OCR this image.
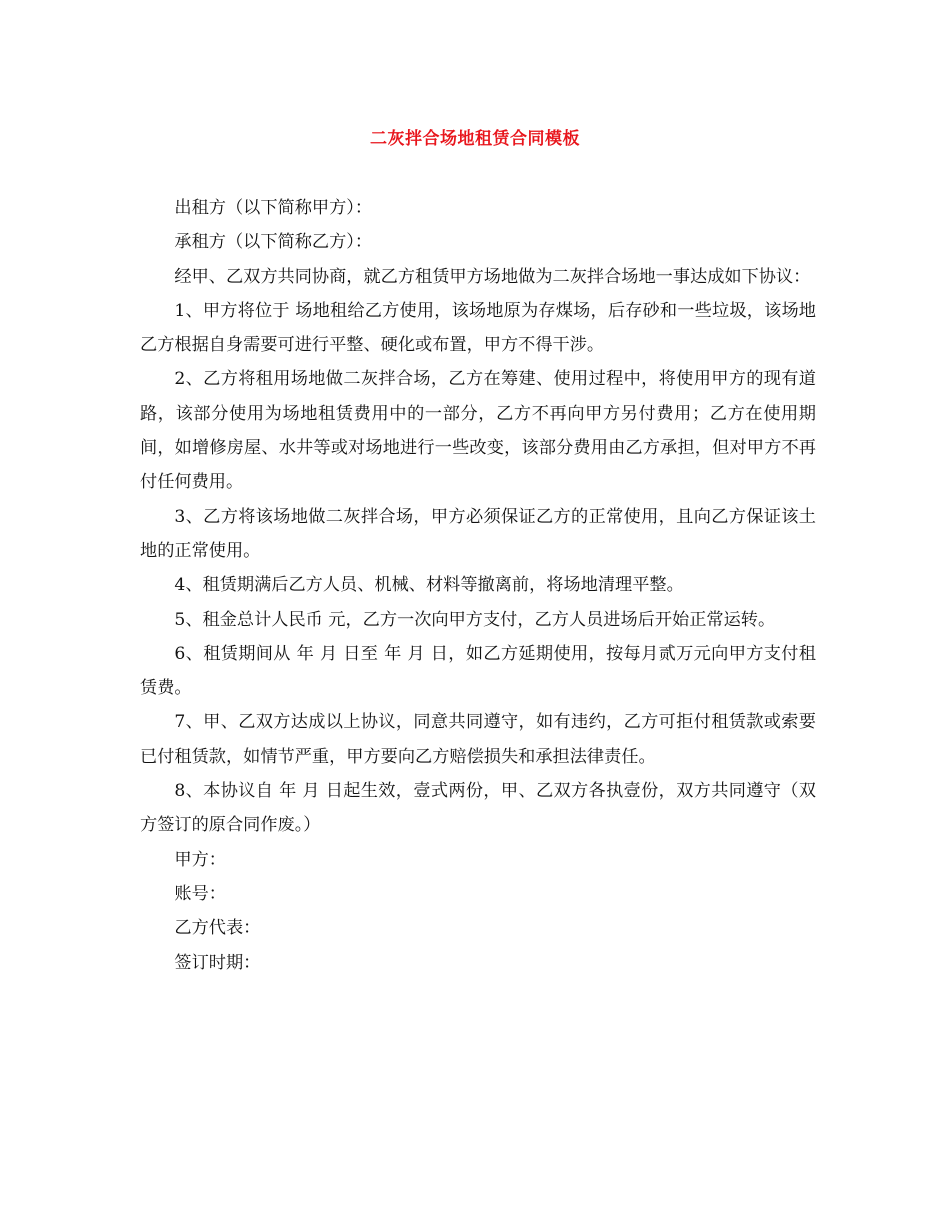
二灰拌合场地租赁合同模板

出租方（以下简称甲方）：

承租方（以下简称乙方）：

经甲、乙双方共同协商，就乙方租赁甲方场地做为二灰拌合场地一事达成如下协议：

1、甲方将位于 场地租给乙方使用，该场地原为存煤场，后存砂和一些垃圾，该场地乙方根据自身需要可进行平整、硬化或布置，甲方不得干涉。

2、乙方将租用场地做二灰拌合场，乙方在筹建、使用过程中，将使用甲方的现有道路，该部分使用为场地租赁费用中的一部分，乙方不再向甲方另付费用；乙方在使用期间，如增修房屋、水井等或对场地进行一些改变，该部分费用由乙方承担，但对甲方不再付任何费用。

3、乙方将该场地做二灰拌合场，甲方必须保证乙方的正常使用，且向乙方保证该土地的正常使用。

4、租赁期满后乙方人员、机械、材料等撤离前，将场地清理平整。

5、租金总计人民币 元，乙方一次向甲方支付，乙方人员进场后开始正常运转。

6、租赁期间从 年 月 日至 年 月 日，如乙方延期使用，按每月贰万元向甲方支付租赁费。

7、甲、乙双方达成以上协议，同意共同遵守，如有违约，乙方可拒付租赁款或索要已付租赁款，如情节严重，甲方要向乙方赔偿损失和承担法律责任。

8、本协议自 年 月 日起生效，壹式两份，甲、乙双方各执壹份，双方共同遵守（双方签订的原合同作废。）

甲方：

账号：

乙方代表：

签订时期：
